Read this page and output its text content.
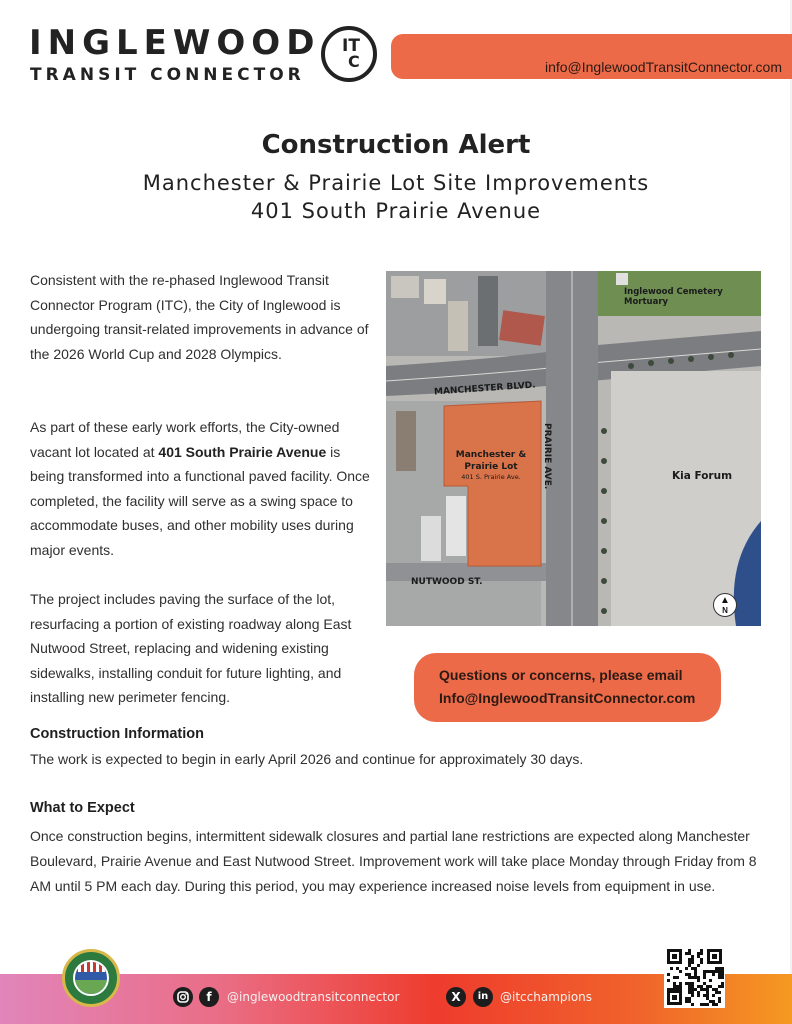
INGLEWOOD
TRANSIT CONNECTOR
IT
C	info@InglewoodTransitConnector.com
Construction Alert
Manchester & Prairie Lot Site Improvements
401 South Prairie Avenue
Consistent with the re-phased Inglewood Transit Connector Program (ITC), the City of Inglewood is undergoing transit-related improvements in advance of the 2026 World Cup and 2028 Olympics.
As part of these early work efforts, the City-owned vacant lot located at 401 South Prairie Avenue is being transformed into a functional paved facility. Once completed, the facility will serve as a swing space to accommodate buses, and other mobility uses during major events.
The project includes paving the surface of the lot, resurfacing a portion of existing roadway along East Nutwood Street, replacing and widening existing sidewalks, installing conduit for future lighting, and installing new perimeter fencing.
Inglewood Cemetery Mortuary
MANCHESTER BLVD.
PRAIRIE AVE.
Manchester & Prairie Lot
401 S. Prairie Ave.	Kia Forum
NUTWOOD ST.
▲
N
Questions or concerns, please email
Info@InglewoodTransitConnector.com
Construction Information
The work is expected to begin in early April 2026 and continue for approximately 30 days.
What to Expect
Once construction begins, intermittent sidewalk closures and partial lane restrictions are expected along Manchester Boulevard, Prairie Avenue and East Nutwood Street. Improvement work will take place Monday through Friday from 8 AM until 5 PM each day. During this period, you may experience increased noise levels from equipment in use.
f	@inglewoodtransitconnector	X	in @itcchampions
